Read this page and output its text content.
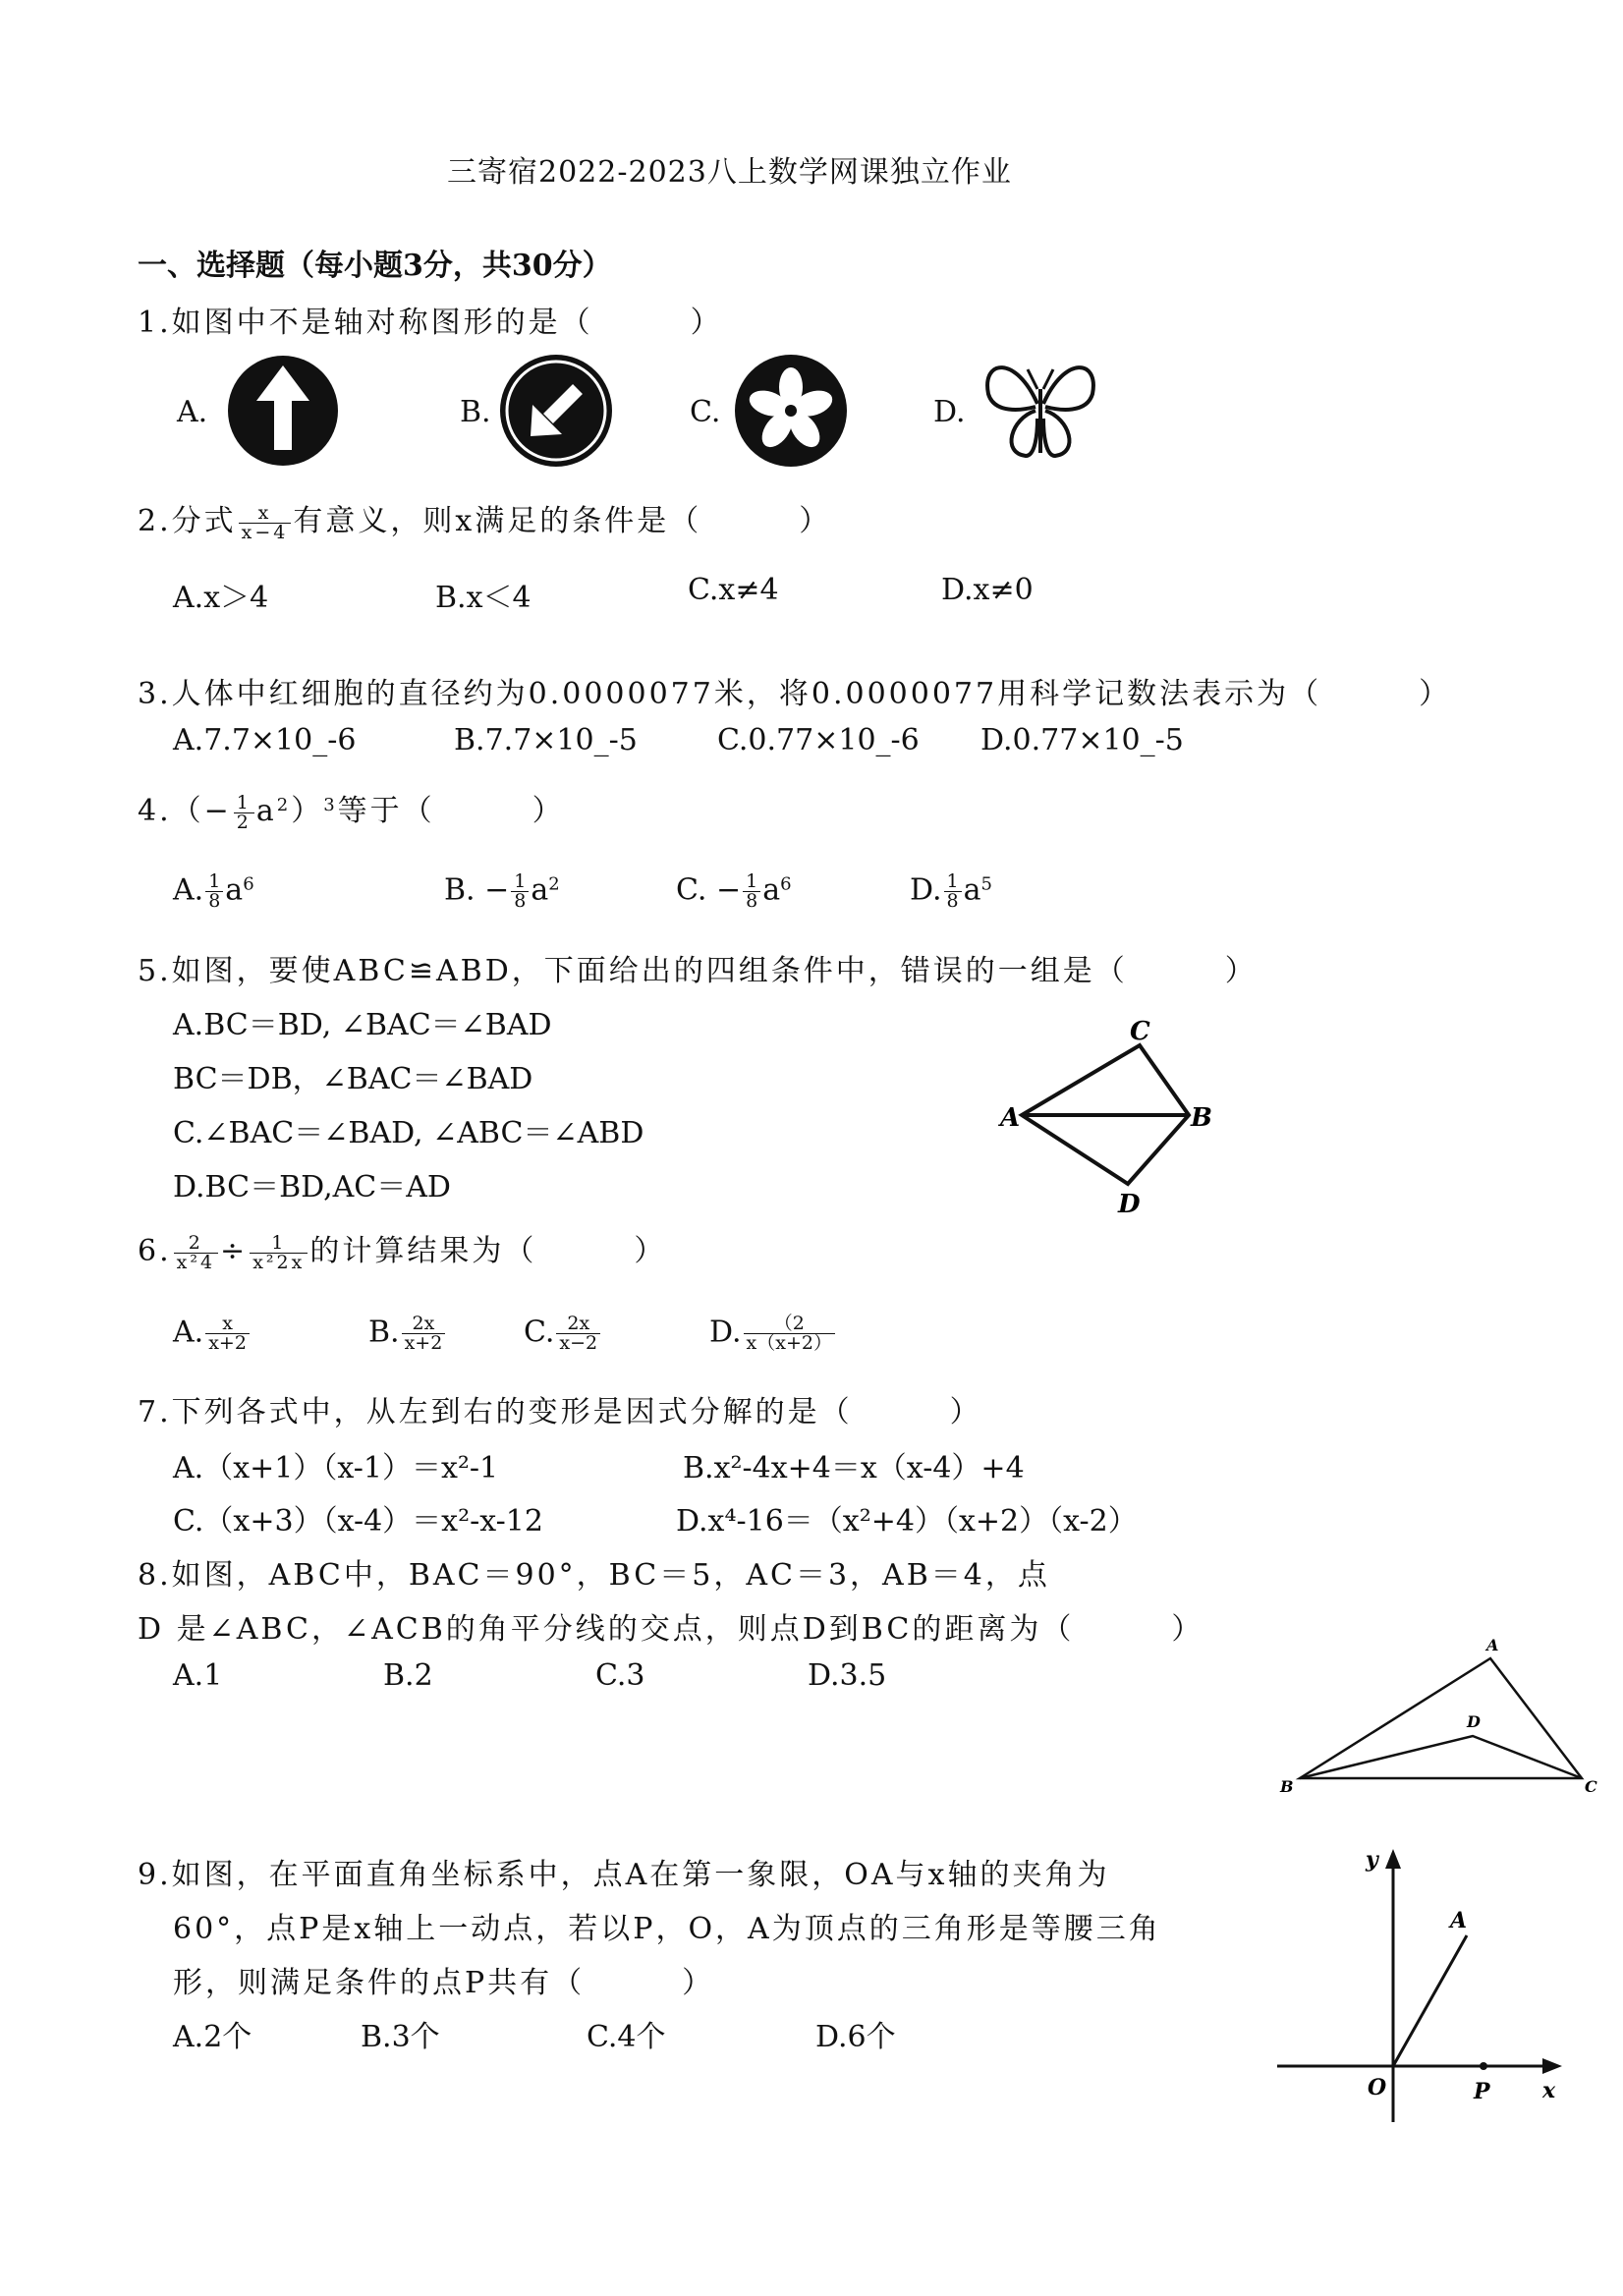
三寄宿2022-2023八上数学网课独立作业
一、选择题（每小题3分，共30分）
1.如图中不是轴对称图形的是（　　　）
A.	B.	C.	D.
2.分式 $\frac{x}{x-4}$ 有意义，则x满足的条件是（　　　）
A.x＞4	B.x＜4	C.x≠4	D.x≠0
3.人体中红细胞的直径约为0.0000077米，将0.0000077用科学记数法表示为（　　　）
A.7.7×10_-6	B.7.7×10_-5	C.0.77×10_-6 D.0.77×10_-5
$4.(- \frac{1}{2} a^2)^3$等于（　　　）
A. $\frac{1}{8} a^6$	B. − $\frac{1}{8} a^2$	C. − $\frac{1}{8} a^6$	D. $\frac{1}{8} a^5$
5.如图，要使ABC≌ABD，下面给出的四组条件中，错误的一组是（　　　）
A.BC＝BD, ∠BAC＝∠BAD
BC＝DB，∠BAC＝∠BAD
C.∠BAC＝∠BAD, ∠ABC＝∠ABD
D.BC＝BD,AC＝AD
A
C
B
D
6. $\frac{2}{\text{x²4}} \div \frac{1}{\text{x²2x}}$ 的计算结果为（　　　）
A. $\frac{x}{x+2}$	B. $\frac{2x}{x+2}$	C. $\frac{2x}{x-2}$	D. $\frac{(2}{x(x+2)}$
7.下列各式中，从左到右的变形是因式分解的是（　　　）
A.（x+1）（x-1）＝x²-1	B.x²-4x+4＝x（x-4）+4
C.（x+3）（x-4）＝x²-x-12	D.x⁴-16＝（x²+4）（x+2）（x-2）
8.如图，ABC中，BAC＝90°，BC＝5，AC＝3，AB＝4，点
D 是∠ABC，∠ACB的角平分线的交点，则点D到BC的距离为（　　　）
A.1	B.2	C.3	D.3.5
A
D
B	C
9.如图，在平面直角坐标系中，点A在第一象限，OA与x轴的夹角为
60°，点P是x轴上一动点，若以P，O，A为顶点的三角形是等腰三角
形，则满足条件的点P共有（　　　）
A.2个	B.3个	C.4个	D.6个
y
A
O	P x
